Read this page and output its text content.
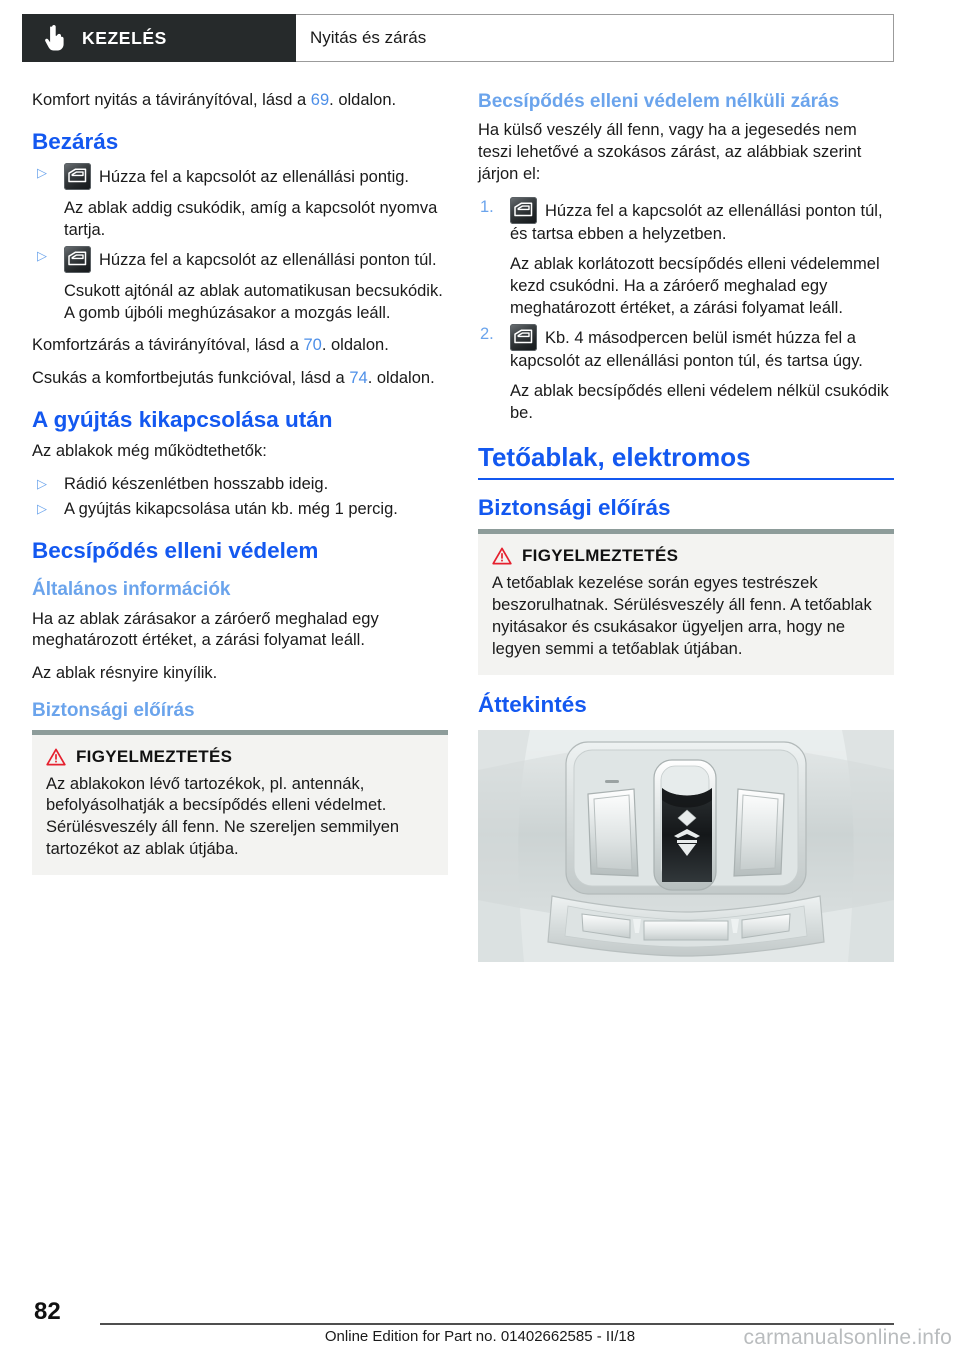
KEZELÉS	Nyitás és zárás

Komfort nyitás a távirányítóval, lásd a 69. oldalon.

Bezárás
▷	Húzza fel a kapcsolót az ellenállási pontig.
Az ablak addig csukódik, amíg a kapcsolót nyomva tartja.
▷	Húzza fel a kapcsolót az ellenállási ponton túl.
Csukott ajtónál az ablak automatikusan becsukódik. A gomb újbóli meghúzásakor a mozgás leáll.

Komfortzárás a távirányítóval, lásd a 70. oldalon.

Csukás a komfortbejutás funkcióval, lásd a 74. oldalon.

A gyújtás kikapcsolása után

Az ablakok még működtethetők:

▷ Rádió készenlétben hosszabb ideig.
▷ A gyújtás kikapcsolása után kb. még 1 percig.
Becsípődés elleni védelem
Általános információk

Ha az ablak zárásakor a záróerő meghalad egy meghatározott értéket, a zárási folyamat leáll.

Az ablak résnyire kinyílik.

Biztonsági előírás
FIGYELMEZTETÉS

Az ablakokon lévő tartozékok, pl. antennák, befolyásolhatják a becsípődés elleni védelmet. Sérülésveszély áll fenn. Ne szereljen semmilyen tartozékot az ablak útjába.

Becsípődés elleni védelem nélküli zárás

Ha külső veszély áll fenn, vagy ha a jegesedés nem teszi lehetővé a szokásos zárást, az alábbiak szerint járjon el:

1.	Húzza fel a kapcsolót az ellenállási ponton túl, és tartsa ebben a helyzetben.
Az ablak korlátozott becsípődés elleni védelemmel kezd csukódni. Ha a záróerő meghalad egy meghatározott értéket, a zárási folyamat leáll.
2.	Kb. 4 másodpercen belül ismét húzza fel a kapcsolót az ellenállási ponton túl, és tartsa úgy.
Az ablak becsípődés elleni védelem nélkül csukódik be.
Tetőablak, elektromos
Biztonsági előírás
FIGYELMEZTETÉS

A tetőablak kezelése során egyes testrészek beszorulhatnak. Sérülésveszély áll fenn. A tetőablak nyitásakor és csukásakor ügyeljen arra, hogy ne legyen semmi a tetőablak útjában.

Áttekintés
82
Online Edition for Part no. 01402662585 - II/18	carmanualsonline.info
